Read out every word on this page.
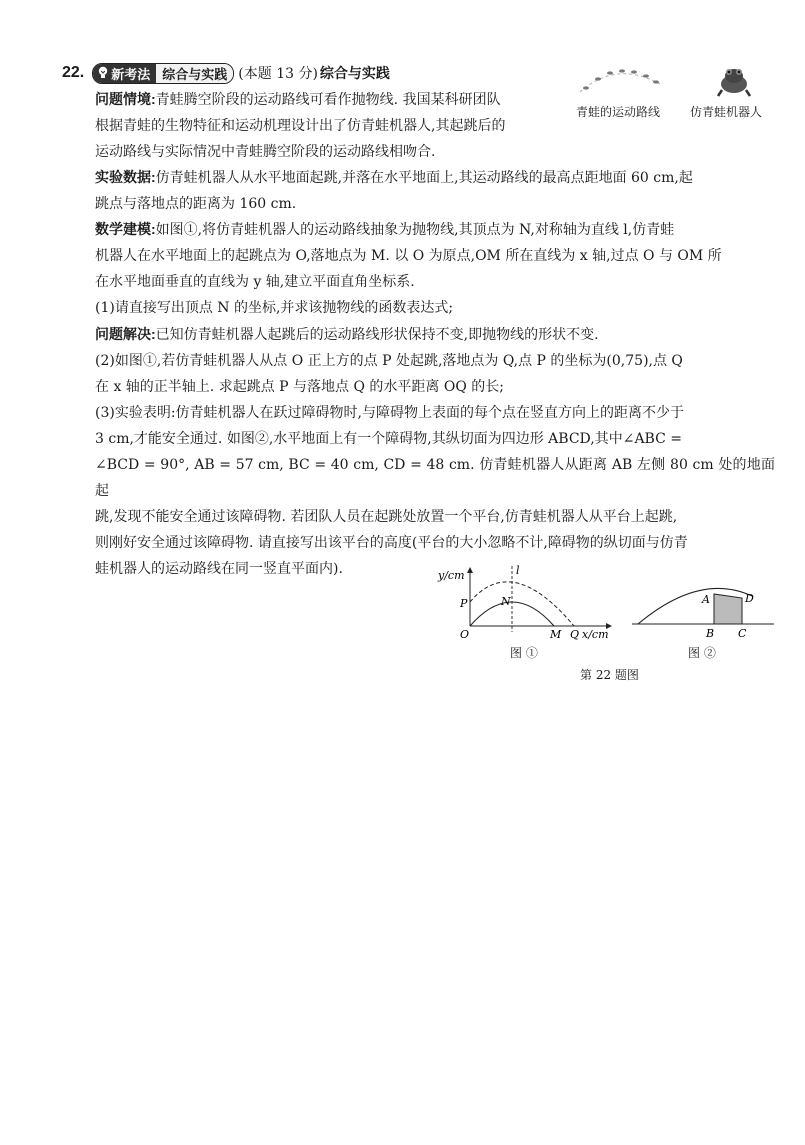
22. 新考法 综合与实践 (本题 13 分) 综合与实践
问题情境:青蛙腾空阶段的运动路线可看作抛物线. 我国某科研团队
根据青蛙的生物特征和运动机理设计出了仿青蛙机器人,其起跳后的
运动路线与实际情况中青蛙腾空阶段的运动路线相吻合.
青蛙的运动路线 仿青蛙机器人
实验数据:仿青蛙机器人从水平地面起跳,并落在水平地面上,其运动路线的最高点距地面 60 cm,起
跳点与落地点的距离为 160 cm.
数学建模:如图①,将仿青蛙机器人的运动路线抽象为抛物线,其顶点为 N,对称轴为直线 l,仿青蛙
机器人在水平地面上的起跳点为 O,落地点为 M. 以 O 为原点,OM 所在直线为 x 轴,过点 O 与 OM 所
在水平地面垂直的直线为 y 轴,建立平面直角坐标系.
(1)请直接写出顶点 N 的坐标,并求该抛物线的函数表达式;
问题解决:已知仿青蛙机器人起跳后的运动路线形状保持不变,即抛物线的形状不变.
(2)如图①,若仿青蛙机器人从点 O 正上方的点 P 处起跳,落地点为 Q,点 P 的坐标为(0,75),点 Q
在 x 轴的正半轴上. 求起跳点 P 与落地点 Q 的水平距离 OQ 的长;
(3)实验表明:仿青蛙机器人在跃过障碍物时,与障碍物上表面的每个点在竖直方向上的距离不少于
3 cm,才能安全通过. 如图②,水平地面上有一个障碍物,其纵切面为四边形 ABCD,其中∠ABC =
∠BCD = 90°, AB = 57 cm, BC = 40 cm, CD = 48 cm. 仿青蛙机器人从距离 AB 左侧 80 cm 处的地面起
跳,发现不能安全通过该障碍物. 若团队人员在起跳处放置一个平台,仿青蛙机器人从平台上起跳,
则刚好安全通过该障碍物. 请直接写出该平台的高度(平台的大小忽略不计,障碍物的纵切面与仿青
蛙机器人的运动路线在同一竖直平面内).	y/cm	l
P	N
O	M Q x/cm
图 ①
A	D
B C
图 ②
第 22 题图
